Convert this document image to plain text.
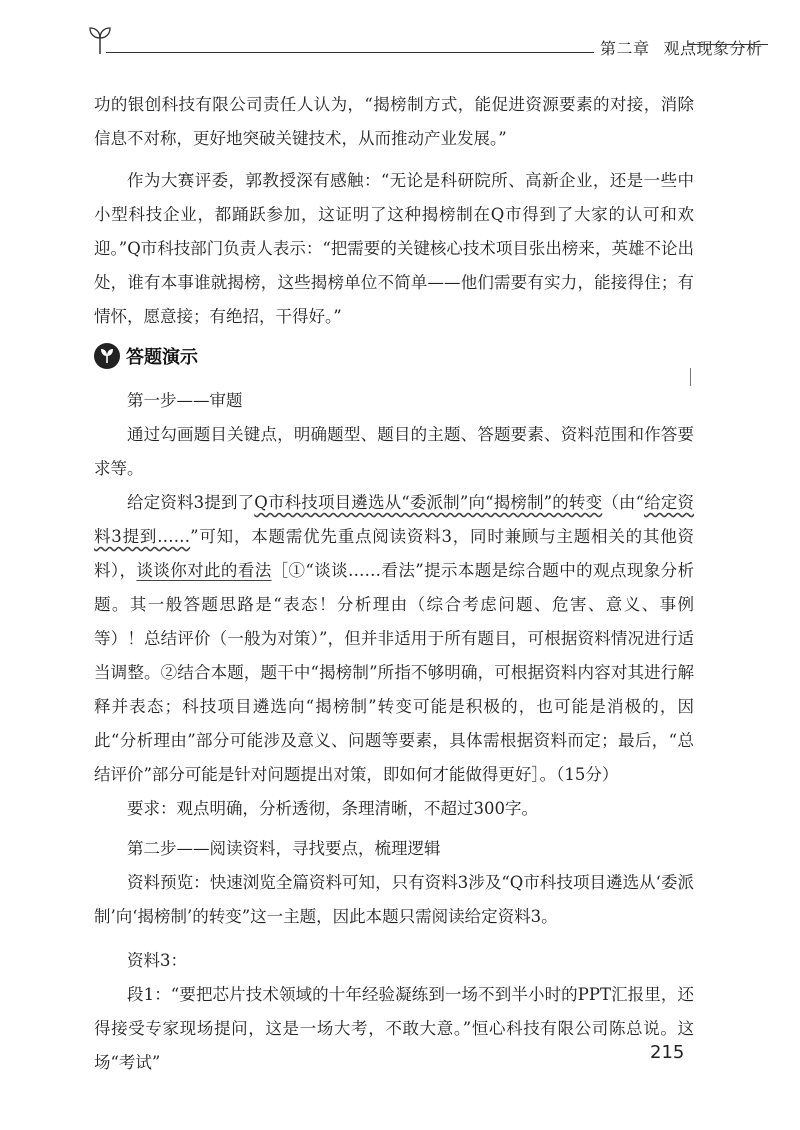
第二章 观点现象分析

功的银创科技有限公司责任人认为，“揭榜制方式，能促进资源要素的对接，消除信息不对称，更好地突破关键技术，从而推动产业发展。”

作为大赛评委，郭教授深有感触：“无论是科研院所、高新企业，还是一些中小型科技企业，都踊跃参加，这证明了这种揭榜制在Q市得到了大家的认可和欢迎。”Q市科技部门负责人表示：“把需要的关键核心技术项目张出榜来，英雄不论出处，谁有本事谁就揭榜，这些揭榜单位不简单——他们需要有实力，能接得住；有情怀，愿意接；有绝招，干得好。”

答题演示

第一步——审题

通过勾画题目关键点，明确题型、题目的主题、答题要素、资料范围和作答要求等。

给定资料3提到了Q市科技项目遴选从“委派制”向“揭榜制”的转变（由“给定资料3提到……”可知，本题需优先重点阅读资料3，同时兼顾与主题相关的其他资料），谈谈你对此的看法［①“谈谈……看法”提示本题是综合题中的观点现象分析题。其一般答题思路是“表态！分析理由（综合考虑问题、危害、意义、事例等）！总结评价（一般为对策）”，但并非适用于所有题目，可根据资料情况进行适当调整。②结合本题，题干中“揭榜制”所指不够明确，可根据资料内容对其进行解释并表态；科技项目遴选向“揭榜制”转变可能是积极的，也可能是消极的，因此“分析理由”部分可能涉及意义、问题等要素，具体需根据资料而定；最后，“总结评价”部分可能是针对问题提出对策，即如何才能做得更好］。（15分）

要求：观点明确，分析透彻，条理清晰，不超过300字。

第二步——阅读资料，寻找要点，梳理逻辑

资料预览：快速浏览全篇资料可知，只有资料3涉及“Q市科技项目遴选从‘委派制’向‘揭榜制’的转变”这一主题，因此本题只需阅读给定资料3。

资料3：

段1：“要把芯片技术领域的十年经验凝练到一场不到半小时的PPT汇报里，还得接受专家现场提问，这是一场大考，不敢大意。”恒心科技有限公司陈总说。这场“考试”	215
